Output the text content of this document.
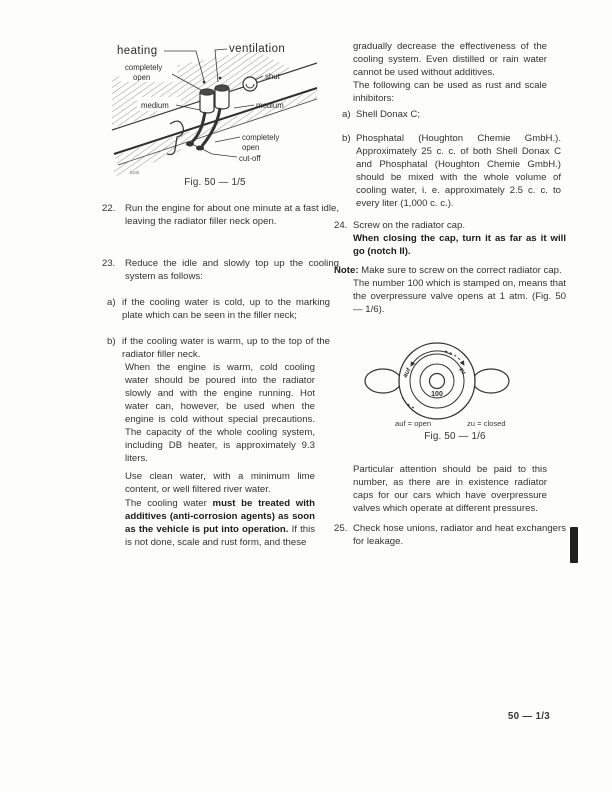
heating	ventilation
completely
open	shut
medium	medium
completely
open
cut-off
5445
Fig. 50 — 1/5
22. Run the engine for about one minute at a fast idle, leaving the radiator filler neck open.
23. Reduce the idle and slowly top up the cooling system as follows:
a) if the cooling water is cold, up to the marking plate which can be seen in the filler neck;
b) if the cooling water is warm, up to the top of the radiator filler neck.
When the engine is warm, cold cooling water should be poured into the radiator slowly and with the engine running. Hot water can, however, be used when the engine is cold without special precautions. The capacity of the whole cooling system, including DB heater, is approximately 9.3 liters.
Use clean water, with a minimum lime content, or well filtered river water.
The cooling water must be treated with additives (anti-corrosion agents) as soon as the vehicle is put into operation. If this is not done, scale and rust form, and these
gradually decrease the effectiveness of the cooling system. Even distilled or rain water cannot be used without additives.
The following can be used as rust and scale inhibitors:
a) Shell Donax C;
b) Phosphatal (Houghton Chemie GmbH.). Approximately 25 c. c. of both Shell Donax C and Phosphatal (Houghton Chemie GmbH.) should be mixed with the whole volume of cooling water, i. e. approximately 2.5 c. c. to every liter (1,000 c. c.).
24. Screw on the radiator cap.
When closing the cap, turn it as far as it will go (notch II).
Note: Make sure to screw on the correct radiator cap.
The number 100 which is stamped on, means that the overpressure valve opens at 1 atm. (Fig. 50 — 1/6).
100
auf	zu
auf = open	zu = closed
Fig. 50 — 1/6
Particular attention should be paid to this number, as there are in existence radiator caps for our cars which have overpressure valves which operate at different pressures.
25. Check hose unions, radiator and heat exchangers for leakage.
50 — 1/3
